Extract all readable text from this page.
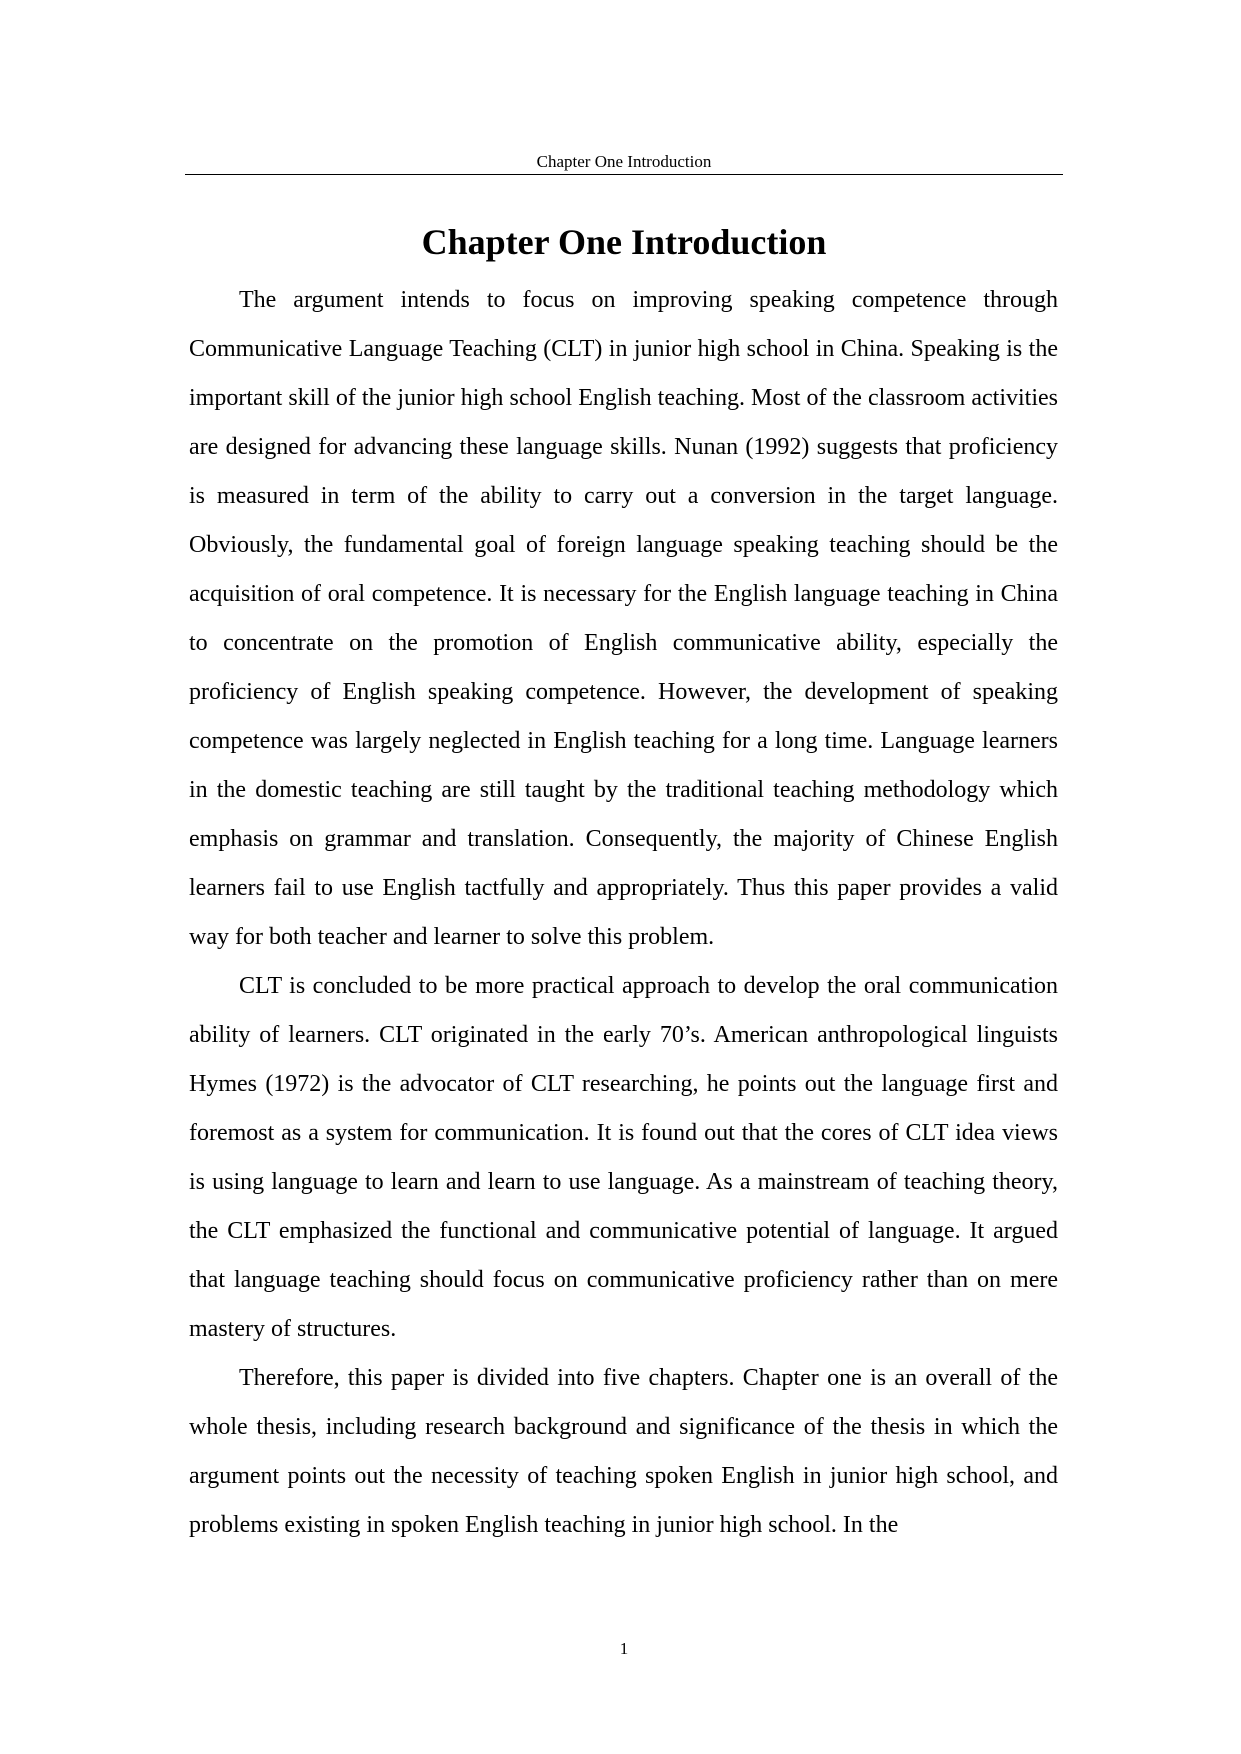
Chapter One Introduction
Chapter One Introduction

The argument intends to focus on improving speaking competence through Communicative Language Teaching (CLT) in junior high school in China. Speaking is the important skill of the junior high school English teaching. Most of the classroom activities are designed for advancing these language skills. Nunan (1992) suggests that proficiency is measured in term of the ability to carry out a conversion in the target language. Obviously, the fundamental goal of foreign language speaking teaching should be the acquisition of oral competence. It is necessary for the English language teaching in China to concentrate on the promotion of English communicative ability, especially the proficiency of English speaking competence. However, the development of speaking competence was largely neglected in English teaching for a long time. Language learners in the domestic teaching are still taught by the traditional teaching methodology which emphasis on grammar and translation. Consequently, the majority of Chinese English learners fail to use English tactfully and appropriately. Thus this paper provides a valid way for both teacher and learner to solve this problem.

CLT is concluded to be more practical approach to develop the oral communication ability of learners. CLT originated in the early 70’s. American anthropological linguists Hymes (1972) is the advocator of CLT researching, he points out the language first and foremost as a system for communication. It is found out that the cores of CLT idea views is using language to learn and learn to use language. As a mainstream of teaching theory, the CLT emphasized the functional and communicative potential of language. It argued that language teaching should focus on communicative proficiency rather than on mere mastery of structures.

Therefore, this paper is divided into five chapters. Chapter one is an overall of the whole thesis, including research background and significance of the thesis in which the argument points out the necessity of teaching spoken English in junior high school, and problems existing in spoken English teaching in junior high school. In the

1
